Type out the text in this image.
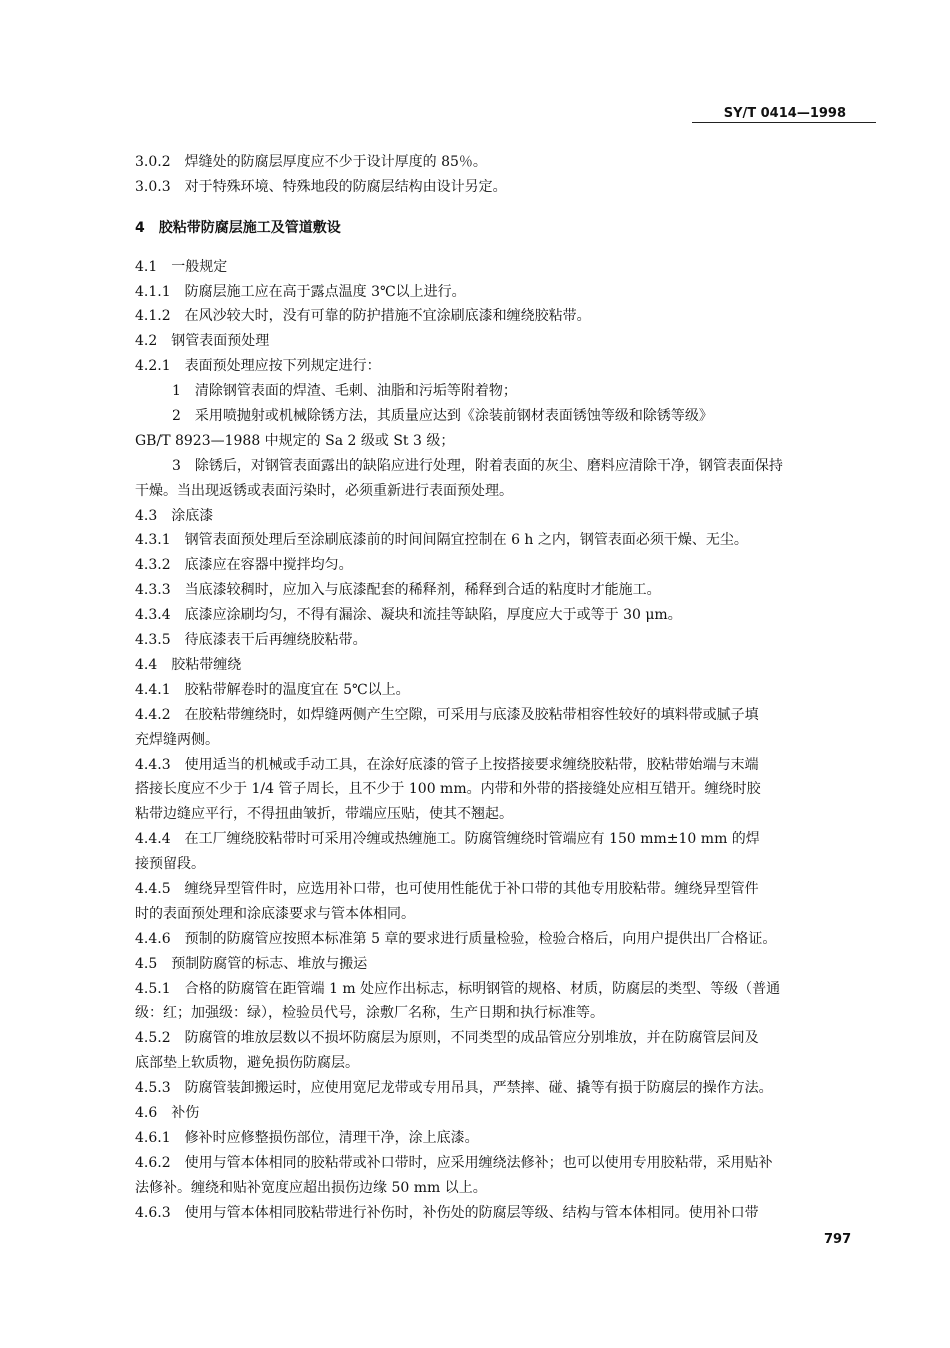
SY/T 0414—1998
3.0.2　焊缝处的防腐层厚度应不少于设计厚度的 85％。
3.0.3　对于特殊环境、特殊地段的防腐层结构由设计另定。
4　胶粘带防腐层施工及管道敷设
4.1　一般规定
4.1.1　防腐层施工应在高于露点温度 3℃以上进行。
4.1.2　在风沙较大时，没有可靠的防护措施不宜涂刷底漆和缠绕胶粘带。
4.2　钢管表面预处理
4.2.1　表面预处理应按下列规定进行：
1　清除钢管表面的焊渣、毛刺、油脂和污垢等附着物；
2　采用喷抛射或机械除锈方法，其质量应达到《涂装前钢材表面锈蚀等级和除锈等级》
GB/T 8923—1988 中规定的 Sa 2 级或 St 3 级；
3　除锈后，对钢管表面露出的缺陷应进行处理，附着表面的灰尘、磨料应清除干净，钢管表面保持
干燥。当出现返锈或表面污染时，必须重新进行表面预处理。
4.3　涂底漆
4.3.1　钢管表面预处理后至涂刷底漆前的时间间隔宜控制在 6 h 之内，钢管表面必须干燥、无尘。
4.3.2　底漆应在容器中搅拌均匀。
4.3.3　当底漆较稠时，应加入与底漆配套的稀释剂，稀释到合适的粘度时才能施工。
4.3.4　底漆应涂刷均匀，不得有漏涂、凝块和流挂等缺陷，厚度应大于或等于 30 μm。
4.3.5　待底漆表干后再缠绕胶粘带。
4.4　胶粘带缠绕
4.4.1　胶粘带解卷时的温度宜在 5℃以上。
4.4.2　在胶粘带缠绕时，如焊缝两侧产生空隙，可采用与底漆及胶粘带相容性较好的填料带或腻子填
充焊缝两侧。
4.4.3　使用适当的机械或手动工具，在涂好底漆的管子上按搭接要求缠绕胶粘带，胶粘带始端与末端
搭接长度应不少于 1/4 管子周长，且不少于 100 mm。内带和外带的搭接缝处应相互错开。缠绕时胶
粘带边缝应平行，不得扭曲皱折，带端应压贴，使其不翘起。
4.4.4　在工厂缠绕胶粘带时可采用冷缠或热缠施工。防腐管缠绕时管端应有 150 mm±10 mm 的焊
接预留段。
4.4.5　缠绕异型管件时，应选用补口带，也可使用性能优于补口带的其他专用胶粘带。缠绕异型管件
时的表面预处理和涂底漆要求与管本体相同。
4.4.6　预制的防腐管应按照本标准第 5 章的要求进行质量检验，检验合格后，向用户提供出厂合格证。
4.5　预制防腐管的标志、堆放与搬运
4.5.1　合格的防腐管在距管端 1 m 处应作出标志，标明钢管的规格、材质，防腐层的类型、等级（普通
级：红；加强级：绿），检验员代号，涂敷厂名称，生产日期和执行标准等。
4.5.2　防腐管的堆放层数以不损坏防腐层为原则，不同类型的成品管应分别堆放，并在防腐管层间及
底部垫上软质物，避免损伤防腐层。
4.5.3　防腐管装卸搬运时，应使用宽尼龙带或专用吊具，严禁摔、碰、撬等有损于防腐层的操作方法。
4.6　补伤
4.6.1　修补时应修整损伤部位，清理干净，涂上底漆。
4.6.2　使用与管本体相同的胶粘带或补口带时，应采用缠绕法修补；也可以使用专用胶粘带，采用贴补
法修补。缠绕和贴补宽度应超出损伤边缘 50 mm 以上。
4.6.3　使用与管本体相同胶粘带进行补伤时，补伤处的防腐层等级、结构与管本体相同。使用补口带
797
